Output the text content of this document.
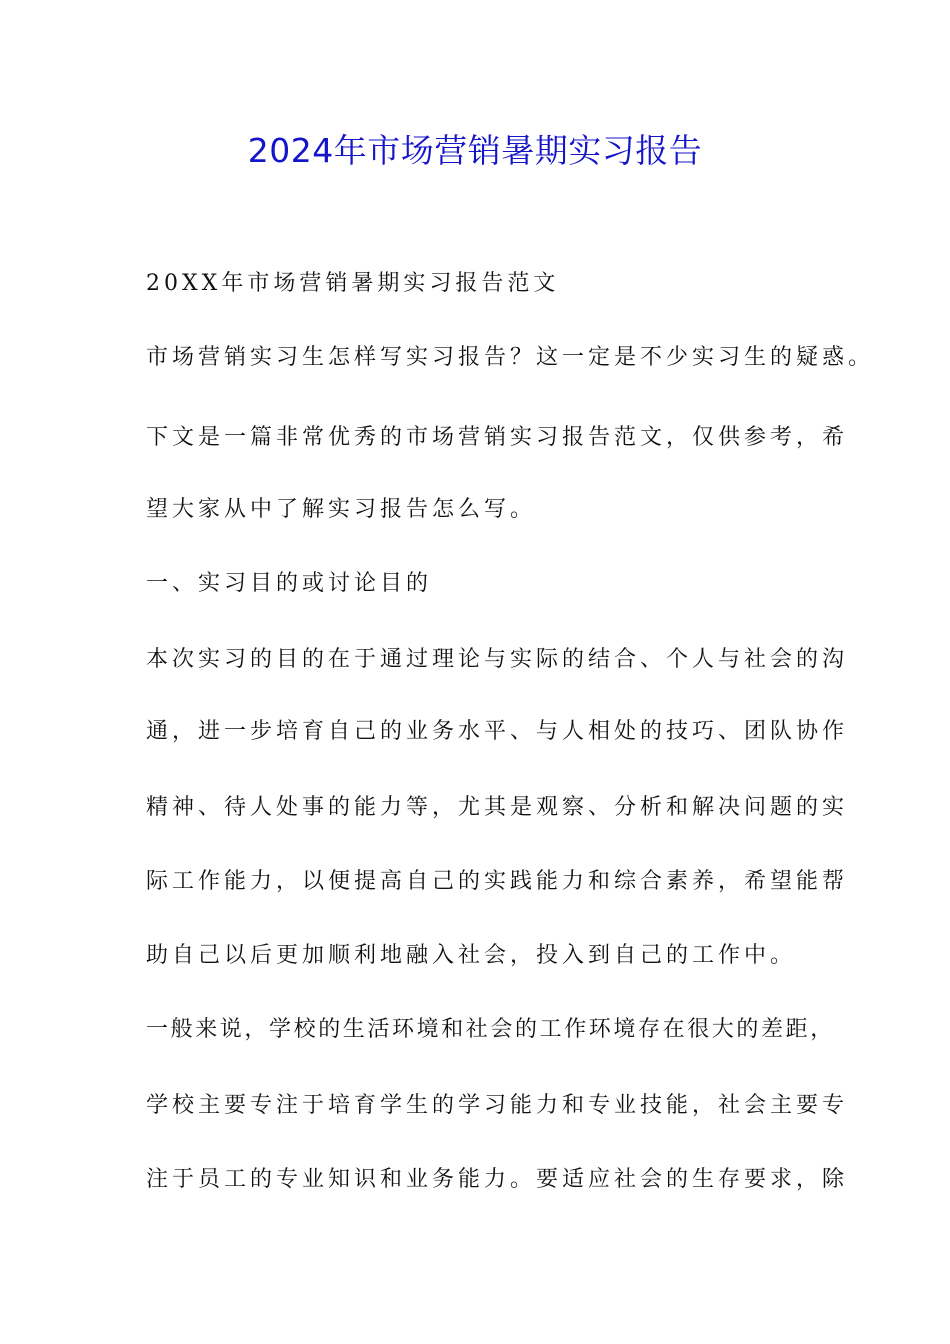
2024年市场营销暑期实习报告
20XX年市场营销暑期实习报告范文
市场营销实习生怎样写实习报告？这一定是不少实习生的疑惑。
下文是一篇非常优秀的市场营销实习报告范文，仅供参考，希
望大家从中了解实习报告怎么写。
一、实习目的或讨论目的
本次实习的目的在于通过理论与实际的结合、个人与社会的沟
通，进一步培育自己的业务水平、与人相处的技巧、团队协作
精神、待人处事的能力等，尤其是观察、分析和解决问题的实
际工作能力，以便提高自己的实践能力和综合素养，希望能帮
助自己以后更加顺利地融入社会，投入到自己的工作中。
一般来说，学校的生活环境和社会的工作环境存在很大的差距，
学校主要专注于培育学生的学习能力和专业技能，社会主要专
注于员工的专业知识和业务能力。要适应社会的生存要求，除
